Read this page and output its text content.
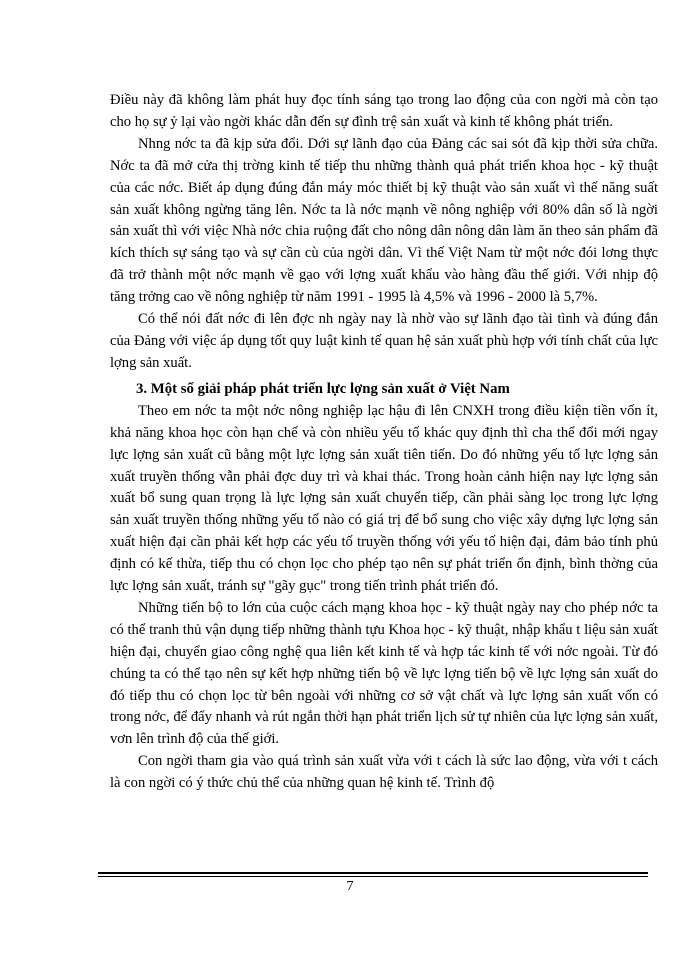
Điều này đã không làm phát huy đọc tính sáng tạo trong lao động của con ngời mà còn tạo cho họ sự ỷ lại vào ngời khác dẫn đến sự đình trệ sản xuất và kinh tế không phát triển.

Nhng nớc ta đã kịp sửa đổi. Dới sự lãnh đạo của Đảng các sai sót đã kịp thời sửa chữa. Nớc ta đã mở cửa thị trờng kinh tế tiếp thu những thành quả phát triển khoa học - kỹ thuật của các nớc. Biết áp dụng đúng đắn máy móc thiết bị kỹ thuật vào sản xuất vì thế năng suất sản xuất không ngừng tăng lên. Nớc ta là nớc mạnh về nông nghiệp với 80% dân số là ngời sản xuất thì với việc Nhà nớc chia ruộng đất cho nông dân nông dân làm ăn theo sản phẩm đã kích thích sự sáng tạo và sự cần cù của ngời dân. Vì thế Việt Nam từ một nớc đói lơng thực đã trở thành một nớc mạnh về gạo với lợng xuất khẩu vào hàng đầu thế giới. Với nhịp độ tăng trởng cao về nông nghiệp từ năm 1991 - 1995 là 4,5% và 1996 - 2000 là 5,7%.

Có thể nói đất nớc đi lên đợc nh ngày nay là nhờ vào sự lãnh đạo tài tình và đúng đắn của Đảng với việc áp dụng tốt quy luật kinh tế quan hệ sản xuất phù hợp với tính chất của lực lợng sản xuất.

3. Một số giải pháp phát triển lực lợng sản xuất ở Việt Nam

Theo em nớc ta một nớc nông nghiệp lạc hậu đi lên CNXH trong điều kiện tiền vốn ít, khả năng khoa học còn hạn chế và còn nhiều yếu tố khác quy định thì cha thể đổi mới ngay lực lợng sản xuất cũ bằng một lực lợng sản xuất tiên tiến. Do đó những yếu tố lực lợng sản xuất truyền thống vẫn phải đợc duy trì và khai thác. Trong hoàn cảnh hiện nay lực lợng sản xuất bổ sung quan trọng là lực lợng sản xuất chuyển tiếp, cần phải sàng lọc trong lực lợng sản xuất truyền thống những yếu tố nào có giá trị để bổ sung cho việc xây dựng lực lợng sản xuất hiện đại cần phải kết hợp các yếu tố truyền thống với yếu tố hiện đại, đảm bảo tính phủ định có kế thừa, tiếp thu có chọn lọc cho phép tạo nên sự phát triển ổn định, bình thờng của lực lợng sản xuất, tránh sự "gãy gục" trong tiến trình phát triển đó.

Những tiến bộ to lớn của cuộc cách mạng khoa học - kỹ thuật ngày nay cho phép nớc ta có thể tranh thủ vận dụng tiếp những thành tựu Khoa học - kỹ thuật, nhập khẩu t liệu sản xuất hiện đại, chuyển giao công nghệ qua liên kết kinh tế và hợp tác kinh tế với nớc ngoài. Từ đó chúng ta có thể tạo nên sự kết hợp những tiến bộ về lực lợng tiến bộ về lực lợng sản xuất do đó tiếp thu có chọn lọc từ bên ngoài với những cơ sở vật chất và lực lợng sản xuất vốn có trong nớc, để đẩy nhanh và rút ngắn thời hạn phát triển lịch sử tự nhiên của lực lợng sản xuất, vơn lên trình độ của thế giới.

Con ngời tham gia vào quá trình sản xuất vừa với t cách là sức lao động, vừa với t cách là con ngời có ý thức chủ thể của những quan hệ kinh tế. Trình độ

7
